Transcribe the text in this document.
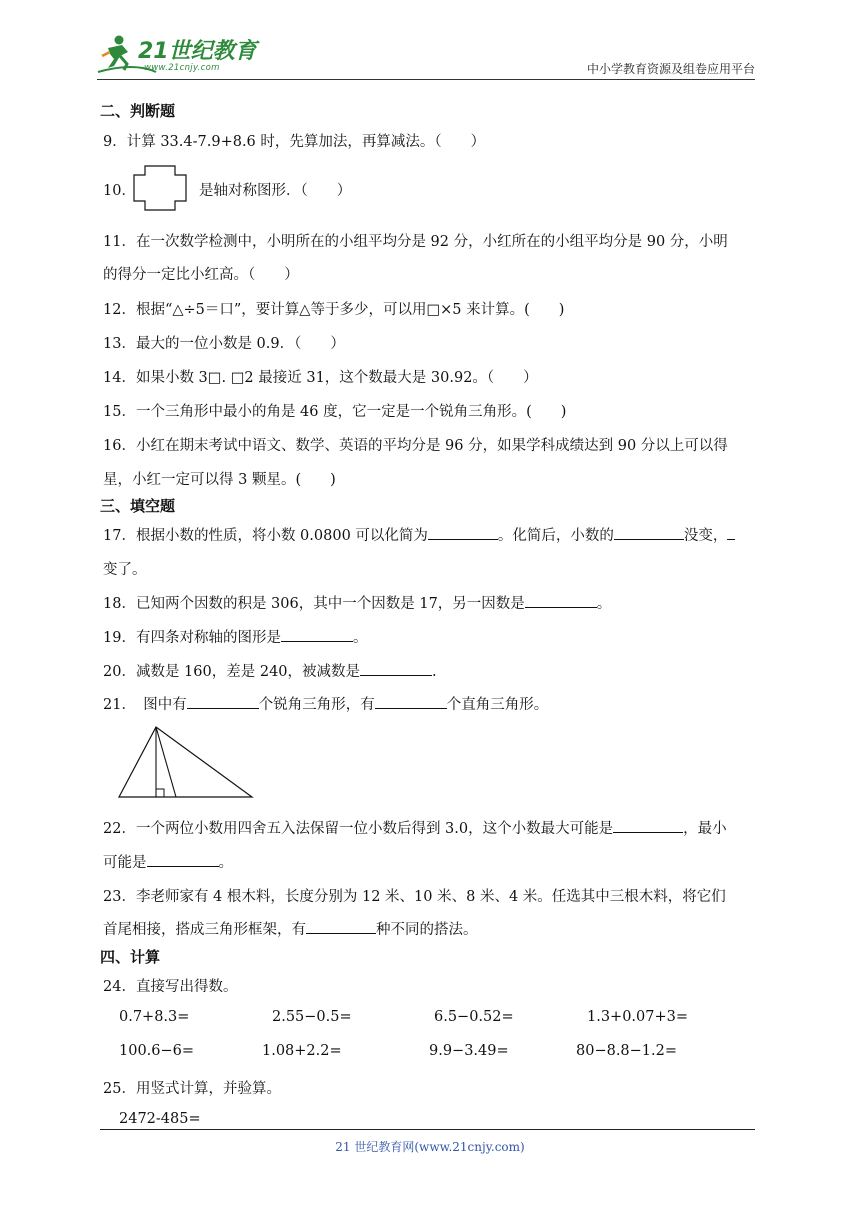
21世纪教育
www.21cnjy.com	中小学教育资源及组卷应用平台
二、判断题
9．计算 33.4-7.9+8.6 时，先算加法，再算减法。（　　）
10．	是轴对称图形．（　　）
11．在一次数学检测中，小明所在的小组平均分是 92 分，小红所在的小组平均分是 90 分，小明
的得分一定比小红高。（　　）
12．根据“△÷5＝口”，要计算△等于多少，可以用□×5 来计算。(　　)
13．最大的一位小数是 0.9．（　　）
14．如果小数 3□. □2 最接近 31，这个数最大是 30.92。（　　）
15．一个三角形中最小的角是 46 度，它一定是一个锐角三角形。(　　)
16．小红在期末考试中语文、数学、英语的平均分是 96 分，如果学科成绩达到 90 分以上可以得
星，小红一定可以得 3 颗星。(　　)
三、填空题
17．根据小数的性质，将小数 0.0800 可以化简为	。化简后，小数的	没变，
变了。
18．已知两个因数的积是 306，其中一个因数是 17，另一因数是	。
19．有四条对称轴的图形是	。
20．减数是 160，差是 240，被减数是	.
21．　图中有	个锐角三角形，有	个直角三角形。
22．一个两位小数用四舍五入法保留一位小数后得到 3.0，这个小数最大可能是	，最小
可能是	。
23．李老师家有 4 根木料，长度分别为 12 米、10 米、8 米、4 米。任选其中三根木料，将它们
首尾相接，搭成三角形框架，有	种不同的搭法。
四、计算
24．直接写出得数。
0.7+8.3=	2.55−0.5=	6.5−0.52=	1.3+0.07+3=
100.6−6=	1.08+2.2=	9.9−3.49=	80−8.8−1.2=
25．用竖式计算，并验算。
2472-485=
21 世纪教育网(www.21cnjy.com)
